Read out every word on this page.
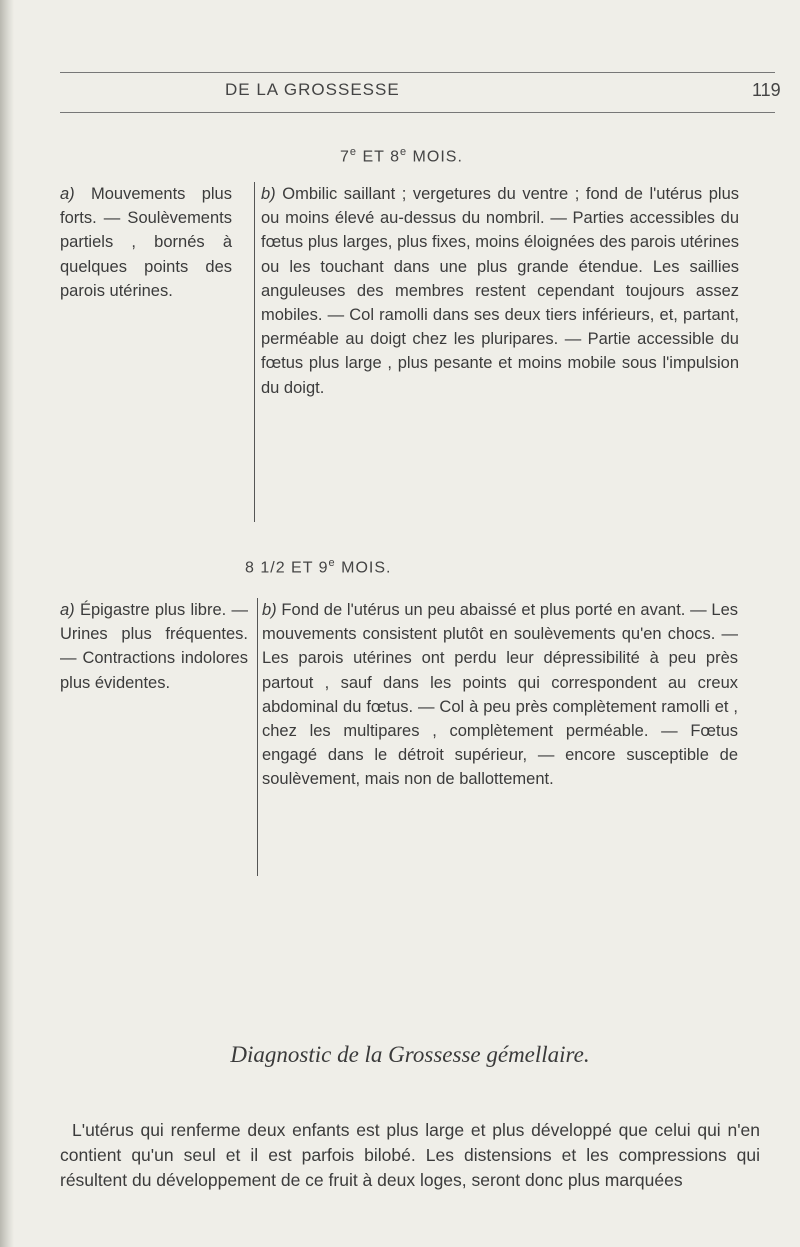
DE LA GROSSESSE	119
7e ET 8e MOIS.

a) Mouvements plus forts. — Soulèvements partiels , bornés à quelques points des parois utérines.

b) Ombilic saillant ; vergetures du ventre ; fond de l'utérus plus ou moins élevé au-dessus du nombril. — Parties accessibles du fœtus plus larges, plus fixes, moins éloignées des parois utérines ou les touchant dans une plus grande étendue. Les saillies anguleuses des membres restent cependant toujours assez mobiles. — Col ramolli dans ses deux tiers inférieurs, et, partant, perméable au doigt chez les pluripares. — Partie accessible du fœtus plus large , plus pesante et moins mobile sous l'impulsion du doigt.

8 1/2 ET 9e MOIS.

a) Épigastre plus libre. — Urines plus fréquentes. — Contractions indolores plus évidentes.

b) Fond de l'utérus un peu abaissé et plus porté en avant. — Les mouvements consistent plutôt en soulèvements qu'en chocs. — Les parois utérines ont perdu leur dépressibilité à peu près partout , sauf dans les points qui correspondent au creux abdominal du fœtus. — Col à peu près complètement ramolli et , chez les multipares , complètement perméable. — Fœtus engagé dans le détroit supérieur, — encore susceptible de soulèvement, mais non de ballottement.

Diagnostic de la Grossesse gémellaire.

L'utérus qui renferme deux enfants est plus large et plus développé que celui qui n'en contient qu'un seul et il est parfois bilobé. Les distensions et les compressions qui résultent du développement de ce fruit à deux loges, seront donc plus marquées
